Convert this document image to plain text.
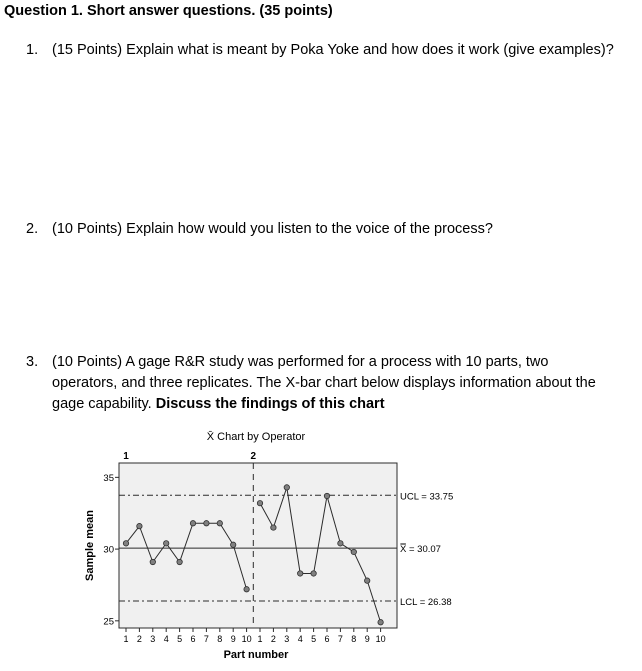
Question 1. Short answer questions. (35 points)
1. (15 Points) Explain what is meant by Poka Yoke and how does it work (give examples)?
2. (10 Points) Explain how would you listen to the voice of the process?
3. (10 Points) A gage R&R study was performed for a process with 10 parts, two operators, and three replicates. The X-bar chart below displays information about the gage capability. Discuss the findings of this chart
X̄ Chart by Operator
1	2
UCL = 33.75
X̿ = 30.07
LCL = 26.38
25
30
35
Sample mean
1 2 3 4 5 6 7 8 9 10 1 2 3 4 5 6 7 8 9 10
Part number
